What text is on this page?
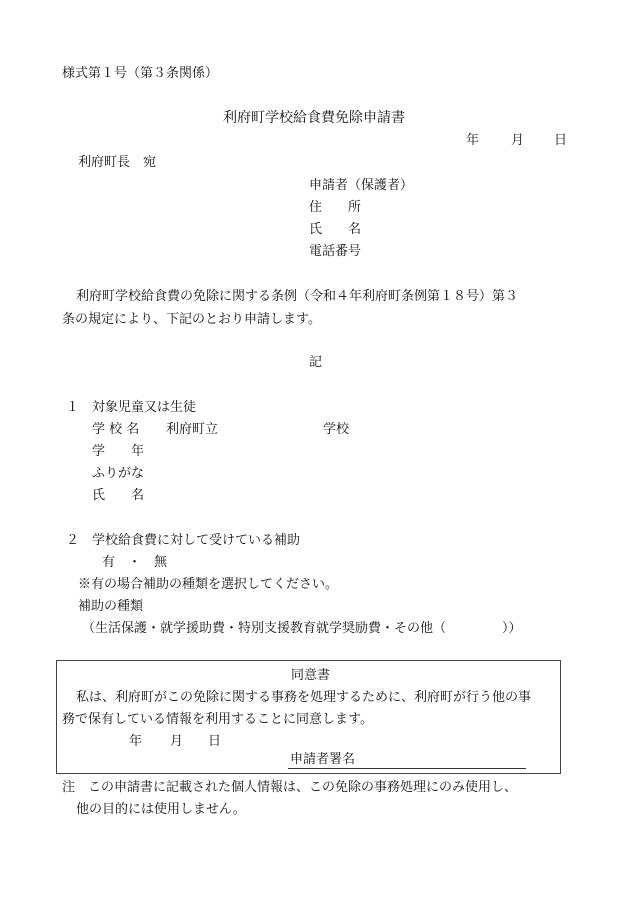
様式第１号（第３条関係）
利府町学校給食費免除申請書
年 月 日
利府町長　宛
申請者（保護者）
住　　所
氏　　名
電話番号
利府町学校給食費の免除に関する条例（令和４年利府町条例第１８号）第３
条の規定により、下記のとおり申請します。
記
１ 対象児童又は生徒
学 校 名 利府町立	学校
学　　年
ふりがな
氏　　名
２ 学校給食費に対して受けている補助
有　・　無
※有の場合補助の種類を選択してください。
補助の種類
（生活保護・就学援助費・特別支援教育就学奨励費・その他（	））
同意書
私は、利府町がこの免除に関する事務を処理するために、利府町が行う他の事
務で保有している情報を利用することに同意します。
年 月 日
申請者署名
注　この申請書に記載された個人情報は、この免除の事務処理にのみ使用し、
他の目的には使用しません。
